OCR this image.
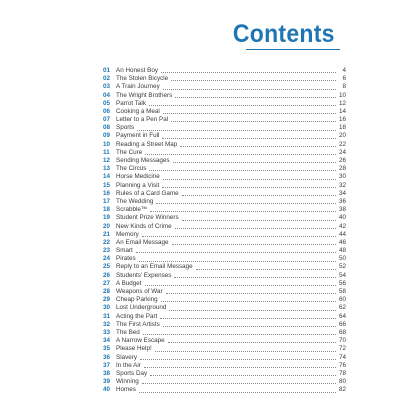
Contents
01 An Honest Boy	4
02 The Stolen Bicycle	6
03 A Train Journey	8
04 The Wright Brothers	10
05 Parrot Talk	12
06 Cooking a Meal	14
07 Letter to a Pen Pal	16
08 Sports	18
09 Payment in Full	20
10 Reading a Street Map	22
11	The Cure	24
12 Sending Messages	26
13 The Circus	28
14 Horse Medicine	30
15 Planning a Visit	32
16 Rules of a Card Game	34
17 The Wedding	36
18 Scrabble™	38
19 Student Prize Winners	40
20 New Kinds of Crime	42
21 Memory	44
22 An Email Message	46
23 Smart	48
24 Pirates	50
25 Reply to an Email Message	52
26 Students' Expenses	54
27 A Budget	56
28 Weapons of War	58
29 Cheap Parking	60
30 Lost Underground	62
31 Acting the Part	64
32 The First Artists	66
33 The Bed	68
34 A Narrow Escape	70
35 Please Help!	72
36 Slavery	74
37 In the Air	76
38 Sports Day	78
39 Winning	80
40 Homes	82
